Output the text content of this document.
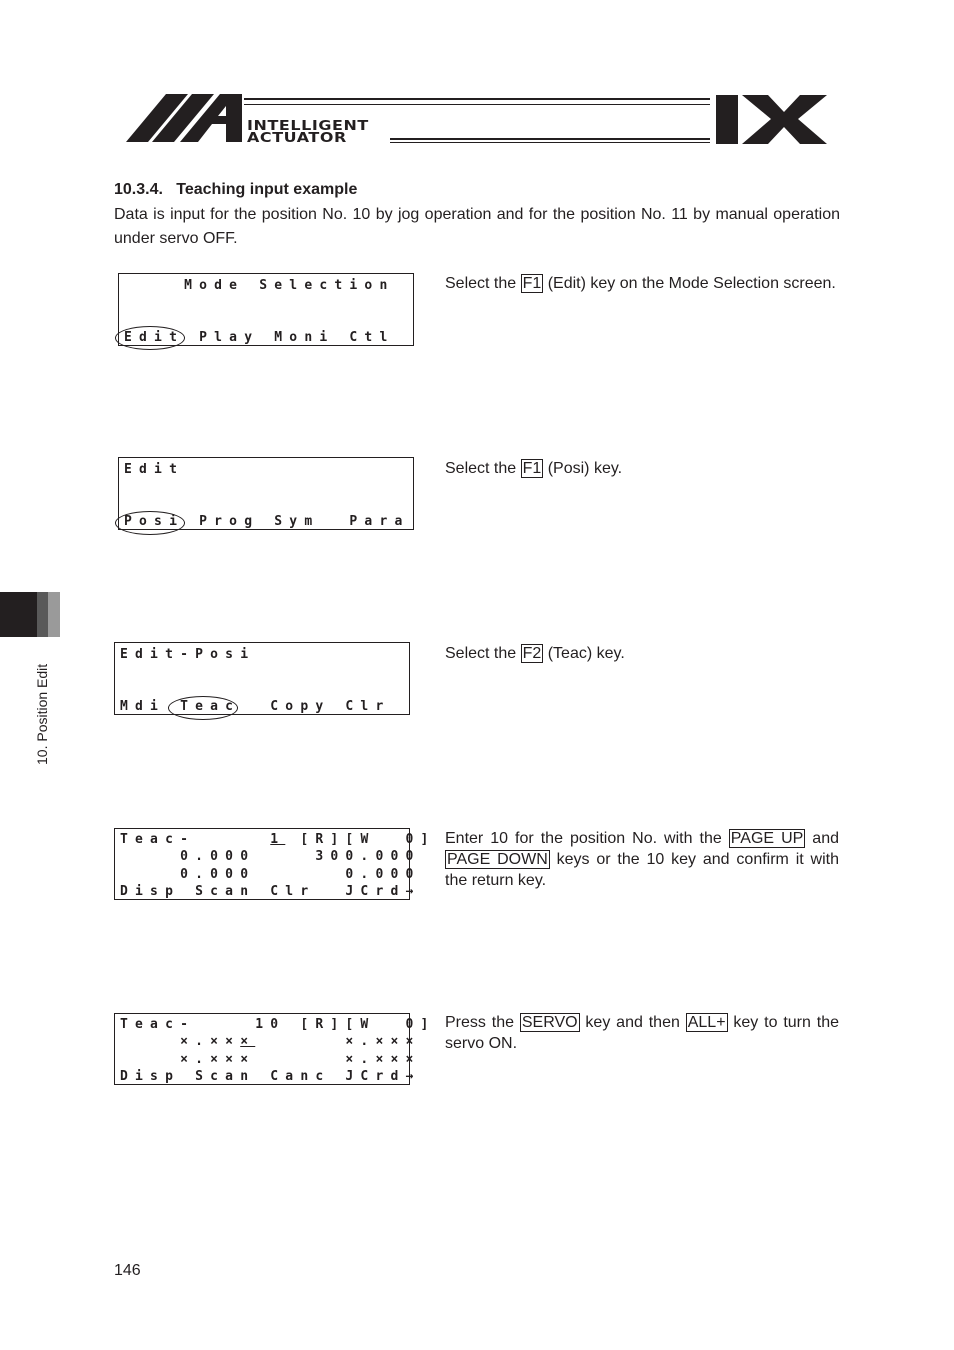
INTELLIGENT
ACTUATOR
10. Position Edit
10.3.4.   Teaching input example
Data is input for the position No. 10 by jog operation and for the position No. 11 by manual operation under servo OFF.
Mode Selection
Edit Play Moni Ctl
Select the F1 (Edit) key on the Mode Selection screen.
Edit
Posi Prog Sym  Para
Select the F1 (Posi) key.
Edit-Posi
Mdi Teac  Copy Clr
Select the F2 (Teac) key.
Teac-     1 [R][W  0]
0.000    300.000
0.000      0.000
Disp Scan Clr  JCrd→
Enter 10 for the position No. with the PAGE UP and PAGE DOWN keys or the 10 key and confirm it with the return key.
Teac-    10 [R][W  0]
×.×××      ×.×××
×.×××      ×.×××
Disp Scan Canc JCrd→
Press the SERVO key and then ALL+ key to turn the servo ON.
146
